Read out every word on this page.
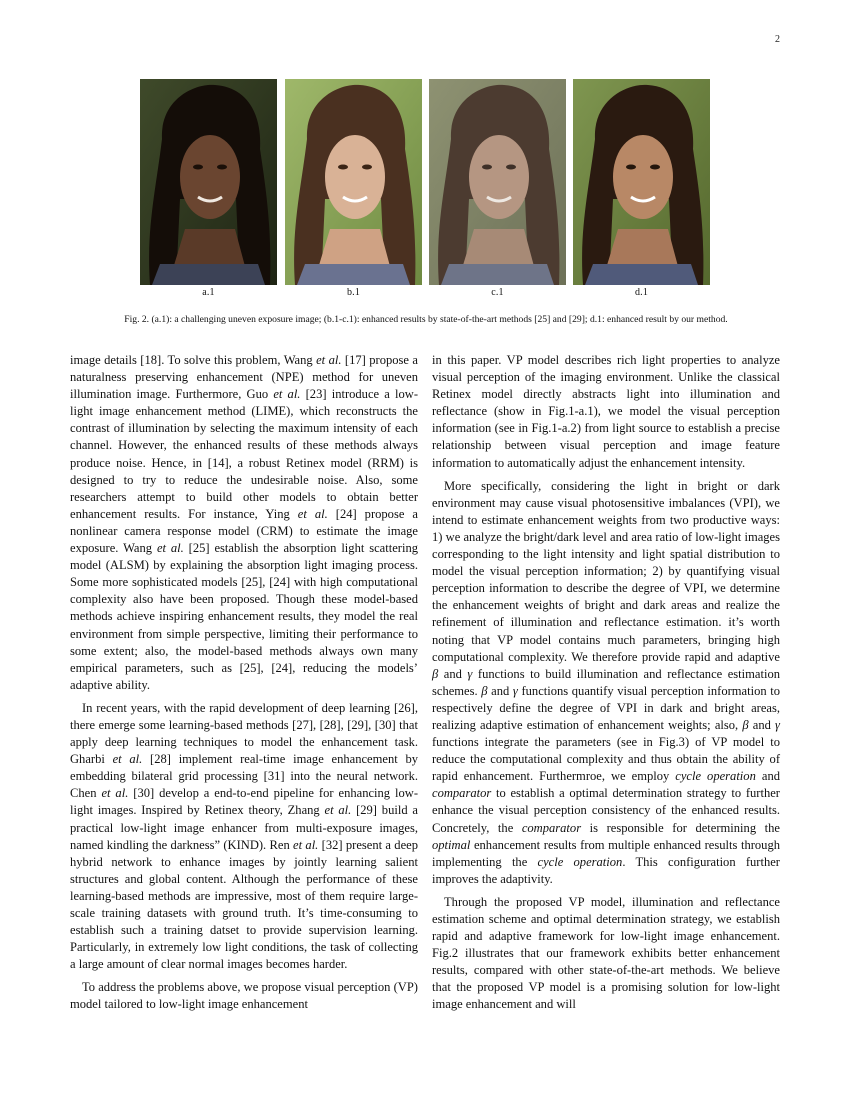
2
a.1	b.1	c.1	d.1
Fig. 2. (a.1): a challenging uneven exposure image; (b.1-c.1): enhanced results by state-of-the-art methods [25] and [29]; d.1: enhanced result by our method.

image details [18]. To solve this problem, Wang et al. [17] propose a naturalness preserving enhancement (NPE) method for uneven illumination image. Furthermore, Guo et al. [23] introduce a low-light image enhancement method (LIME), which reconstructs the contrast of illumination by selecting the maximum intensity of each channel. However, the enhanced results of these methods always produce noise. Hence, in [14], a robust Retinex model (RRM) is designed to try to reduce the undesirable noise. Also, some researchers attempt to build other models to obtain better enhancement results. For instance, Ying et al. [24] propose a nonlinear camera response model (CRM) to estimate the image exposure. Wang et al. [25] establish the absorption light scattering model (ALSM) by explaining the absorption light imaging process. Some more sophisticated models [25], [24] with high computational complexity also have been proposed. Though these model-based methods achieve inspiring enhancement results, they model the real environment from simple perspective, limiting their performance to some extent; also, the model-based methods always own many empirical parameters, such as [25], [24], reducing the models’ adaptive ability.

In recent years, with the rapid development of deep learning [26], there emerge some learning-based methods [27], [28], [29], [30] that apply deep learning techniques to model the enhancement task. Gharbi et al. [28] implement real-time image enhancement by embedding bilateral grid processing [31] into the neural network. Chen et al. [30] develop a end-to-end pipeline for enhancing low-light images. Inspired by Retinex theory, Zhang et al. [29] build a practical low-light image enhancer from multi-exposure images, named kindling the darkness” (KIND). Ren et al. [32] present a deep hybrid network to enhance images by jointly learning salient structures and global content. Although the performance of these learning-based methods are impressive, most of them require large-scale training datasets with ground truth. It’s time-consuming to establish such a training datset to provide supervision learning. Particularly, in extremely low light conditions, the task of collecting a large amount of clear normal images becomes harder.

To address the problems above, we propose visual perception (VP) model tailored to low-light image enhancement

in this paper. VP model describes rich light properties to analyze visual perception of the imaging environment. Unlike the classical Retinex model directly abstracts light into illumination and reflectance (show in Fig.1-a.1), we model the visual perception information (see in Fig.1-a.2) from light source to establish a precise relationship between visual perception and image feature information to automatically adjust the enhancement intensity.

More specifically, considering the light in bright or dark environment may cause visual photosensitive imbalances (VPI), we intend to estimate enhancement weights from two productive ways: 1) we analyze the bright/dark level and area ratio of low-light images corresponding to the light intensity and light spatial distribution to model the visual perception information; 2) by quantifying visual perception information to describe the degree of VPI, we determine the enhancement weights of bright and dark areas and realize the refinement of illumination and reflectance estimation. it’s worth noting that VP model contains much parameters, bringing high computational complexity. We therefore provide rapid and adaptive β and γ functions to build illumination and reflectance estimation schemes. β and γ functions quantify visual perception information to respectively define the degree of VPI in dark and bright areas, realizing adaptive estimation of enhancement weights; also, β and γ functions integrate the parameters (see in Fig.3) of VP model to reduce the computational complexity and thus obtain the ability of rapid enhancement. Furthermroe, we employ cycle operation and comparator to establish a optimal determination strategy to further enhance the visual perception consistency of the enhanced results. Concretely, the comparator is responsible for determining the optimal enhancement results from multiple enhanced results through implementing the cycle operation. This configuration further improves the adaptivity.

Through the proposed VP model, illumination and reflectance estimation scheme and optimal determination strategy, we establish rapid and adaptive framework for low-light image enhancement. Fig.2 illustrates that our framework exhibits better enhancement results, compared with other state-of-the-art methods. We believe that the proposed VP model is a promising solution for low-light image enhancement and will
